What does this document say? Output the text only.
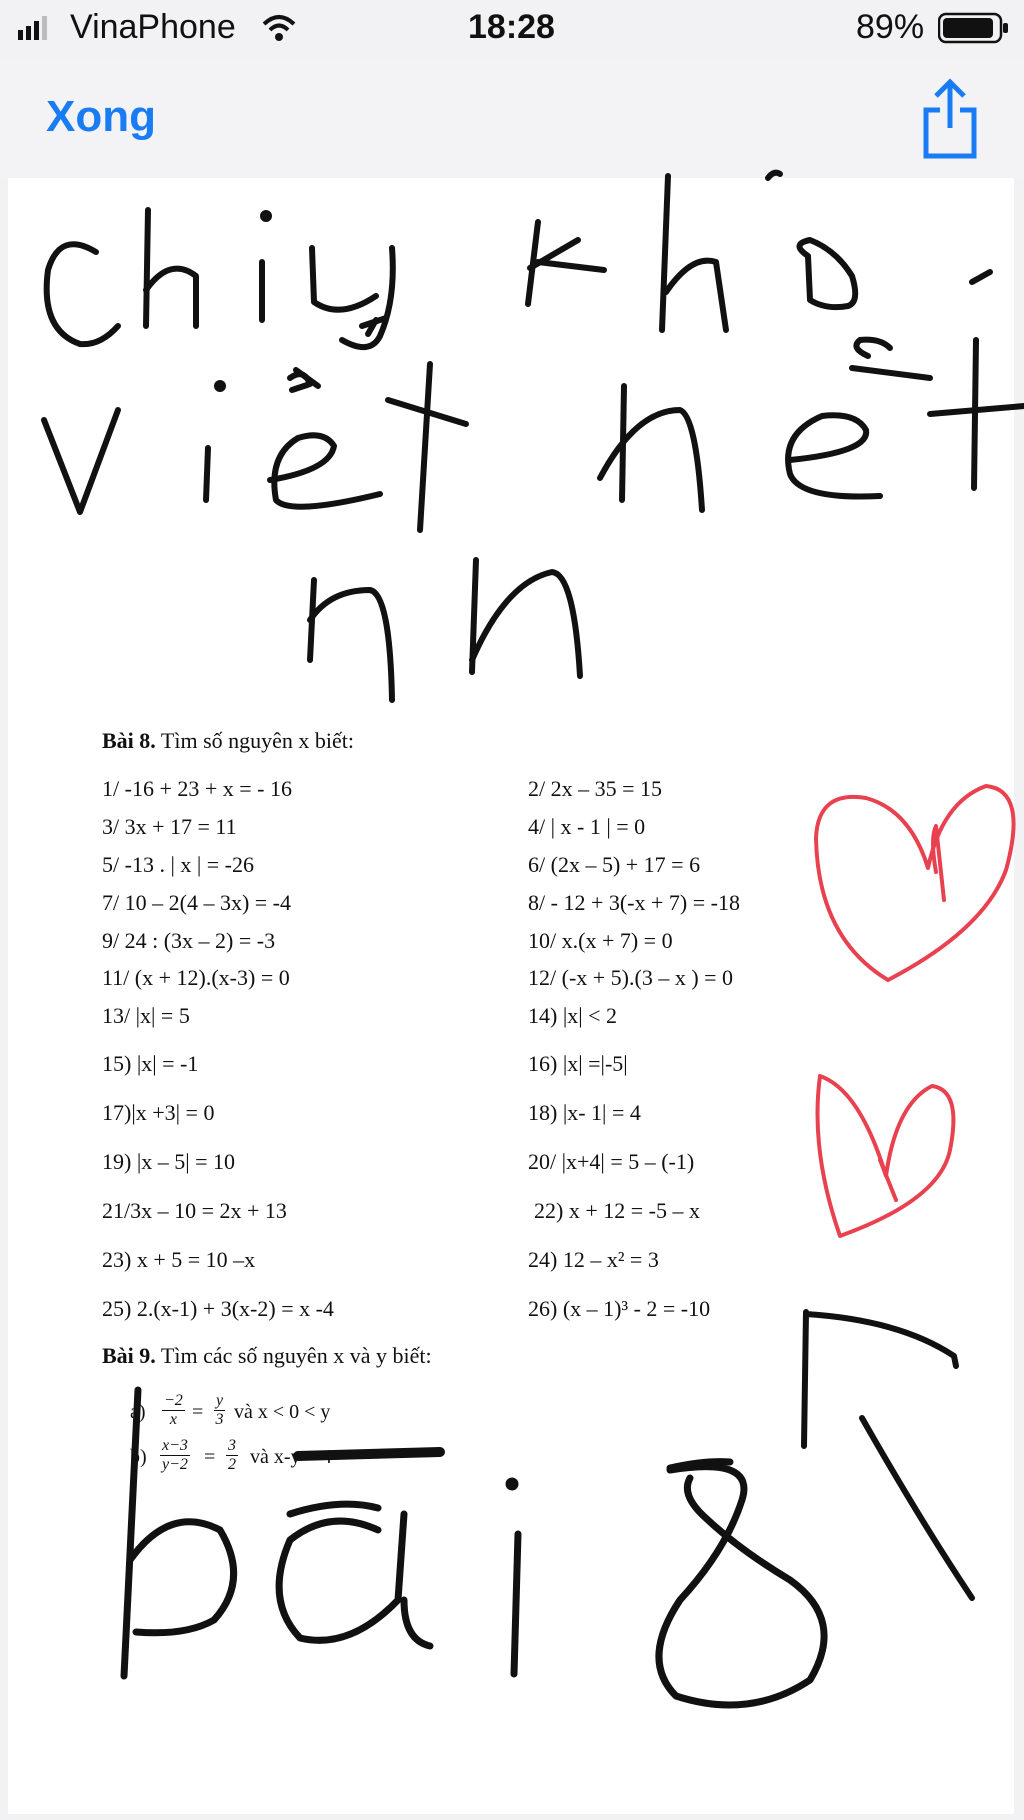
VinaPhone	18:28	89%
Xong
Bài 8. Tìm số nguyên x biết:
1/ -16 + 23 + x = - 16
3/ 3x + 17 = 11
5/ -13 . | x | = -26
7/ 10 – 2(4 – 3x) = -4
9/ 24 : (3x – 2) = -3
11/ (x + 12).(x-3) = 0
13/ |x| = 5
15) |x| = -1
17)|x +3| = 0
19) |x – 5| = 10
21/3x – 10 = 2x + 13
23) x + 5 = 10 –x
25) 2.(x-1) + 3(x-2) = x -4
2/ 2x – 35 = 15
4/ | x - 1 | = 0
6/ (2x – 5) + 17 = 6
8/ - 12 + 3(-x + 7) = -18
10/ x.(x + 7) = 0
12/ (-x + 5).(3 – x ) = 0
14) |x| < 2
16) |x| =|-5|
18) |x- 1| = 4
20/ |x+4| = 5 – (-1)
22) x + 12 = -5 – x
24) 12 – x² = 3
26) (x – 1)³ - 2 = -10
Bài 9. Tìm các số nguyên x và y biết:
$a) \frac{-2}{x} = \frac{y}{3}$ và x < 0 < y
$b) \frac{x-3}{y-2} = \frac{3}{2}$ và x-y = 4
